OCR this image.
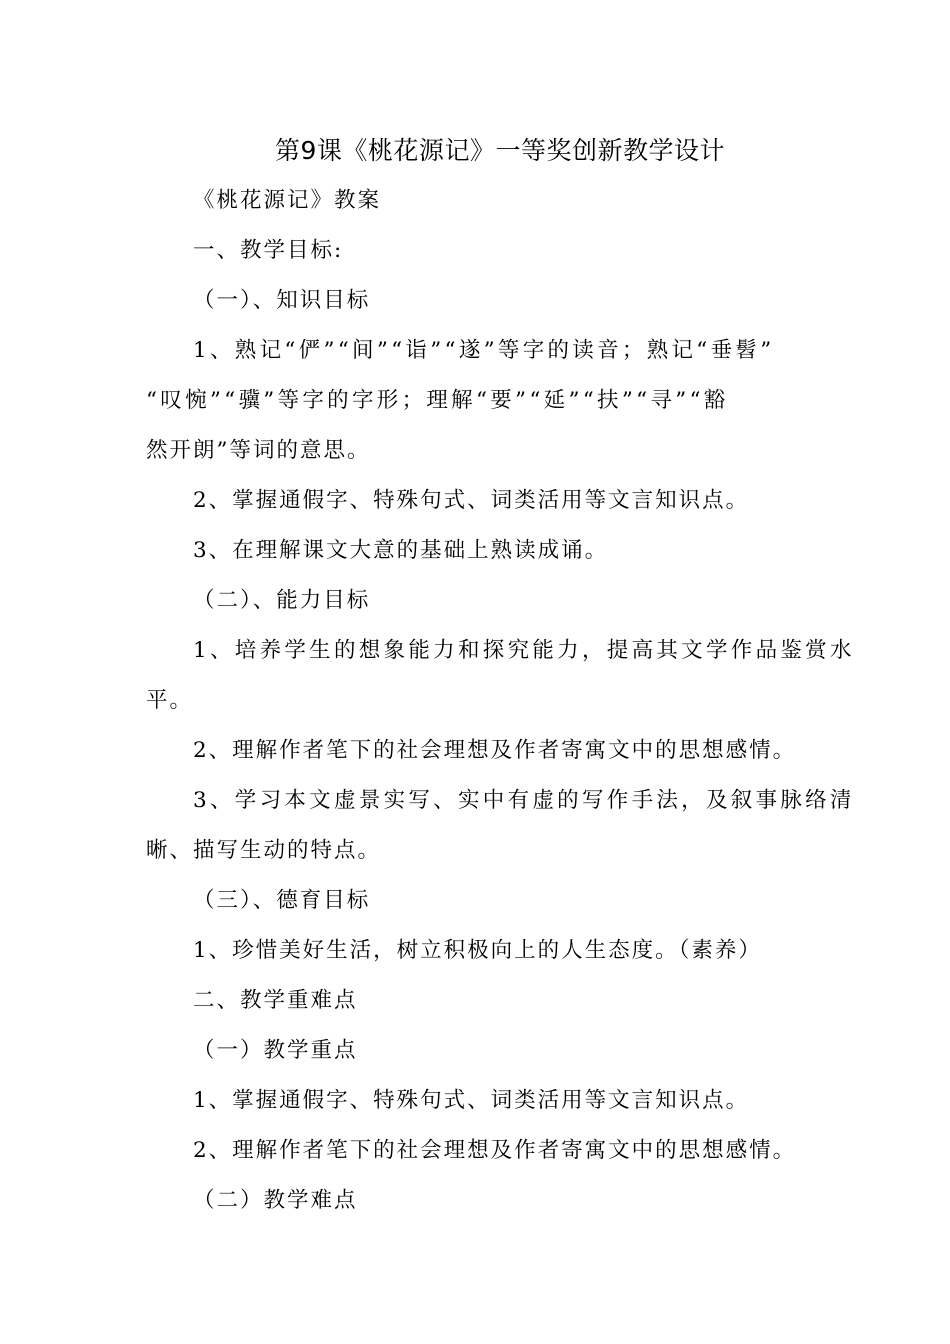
第9课《桃花源记》一等奖创新教学设计
《桃花源记》教案
一、教学目标:
（一）、知识目标
1、熟记“俨”“间”“诣”“遂”等字的读音；熟记“垂髫”
“叹惋”“骥”等字的字形；理解“要”“延”“扶”“寻”“豁
然开朗”等词的意思。
2、掌握通假字、特殊句式、词类活用等文言知识点。
3、在理解课文大意的基础上熟读成诵。
（二）、能力目标
1、培养学生的想象能力和探究能力，提高其文学作品鉴赏水
平。
2、理解作者笔下的社会理想及作者寄寓文中的思想感情。
3、学习本文虚景实写、实中有虚的写作手法，及叙事脉络清
晰、描写生动的特点。
（三）、德育目标
1、珍惜美好生活，树立积极向上的人生态度。（素养）
二、教学重难点
（一）教学重点
1、掌握通假字、特殊句式、词类活用等文言知识点。
2、理解作者笔下的社会理想及作者寄寓文中的思想感情。
（二）教学难点
